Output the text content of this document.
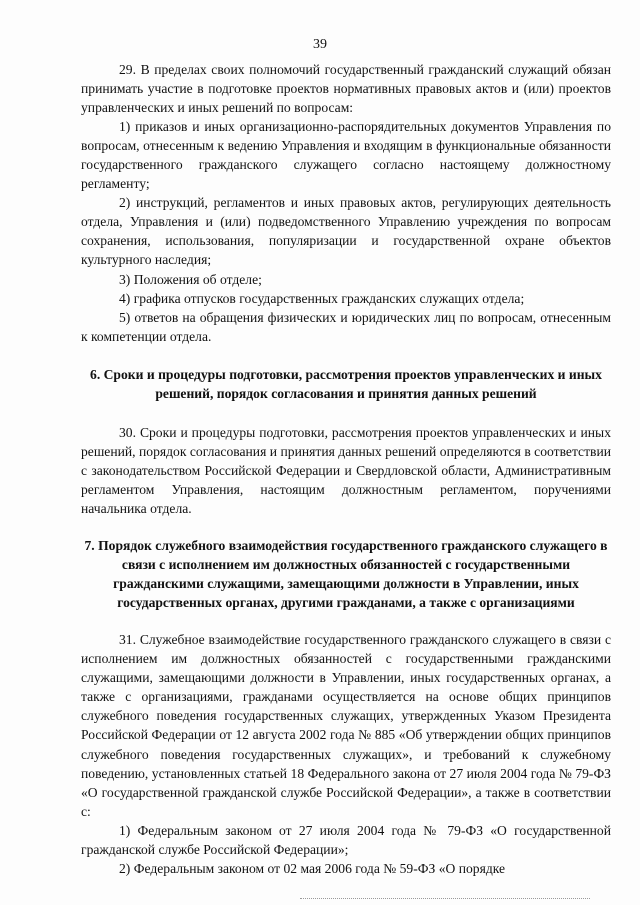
39

29. В пределах своих полномочий государственный гражданский служащий обязан принимать участие в подготовке проектов нормативных правовых актов и (или) проектов управленческих и иных решений по вопросам:

1) приказов и иных организационно-распорядительных документов Управления по вопросам, отнесенным к ведению Управления и входящим в функциональные обязанности государственного гражданского служащего согласно настоящему должностному регламенту;

2) инструкций, регламентов и иных правовых актов, регулирующих деятельность отдела, Управления и (или) подведомственного Управлению учреждения по вопросам сохранения, использования, популяризации и государственной охране объектов культурного наследия;

3) Положения об отделе;

4) графика отпусков государственных гражданских служащих отдела;

5) ответов на обращения физических и юридических лиц по вопросам, отнесенным к компетенции отдела.

6. Сроки и процедуры подготовки, рассмотрения проектов управленческих и иных решений, порядок согласования и принятия данных решений

30. Сроки и процедуры подготовки, рассмотрения проектов управленческих и иных решений, порядок согласования и принятия данных решений определяются в соответствии с законодательством Российской Федерации и Свердловской области, Административным регламентом Управления, настоящим должностным регламентом, поручениями начальника отдела.

7. Порядок служебного взаимодействия государственного гражданского служащего в связи с исполнением им должностных обязанностей с государственными гражданскими служащими, замещающими должности в Управлении, иных государственных органах, другими гражданами, а также с организациями

31. Служебное взаимодействие государственного гражданского служащего в связи с исполнением им должностных обязанностей с государственными гражданскими служащими, замещающими должности в Управлении, иных государственных органах, а также с организациями, гражданами осуществляется на основе общих принципов служебного поведения государственных служащих, утвержденных Указом Президента Российской Федерации от 12 августа 2002 года № 885 «Об утверждении общих принципов служебного поведения государственных служащих», и требований к служебному поведению, установленных статьей 18 Федерального закона от 27 июля 2004 года № 79-ФЗ «О государственной гражданской службе Российской Федерации», а также в соответствии с:

1) Федеральным законом от 27 июля 2004 года № 79-ФЗ «О государственной гражданской службе Российской Федерации»;

2) Федеральным законом от 02 мая 2006 года № 59-ФЗ «О порядке
